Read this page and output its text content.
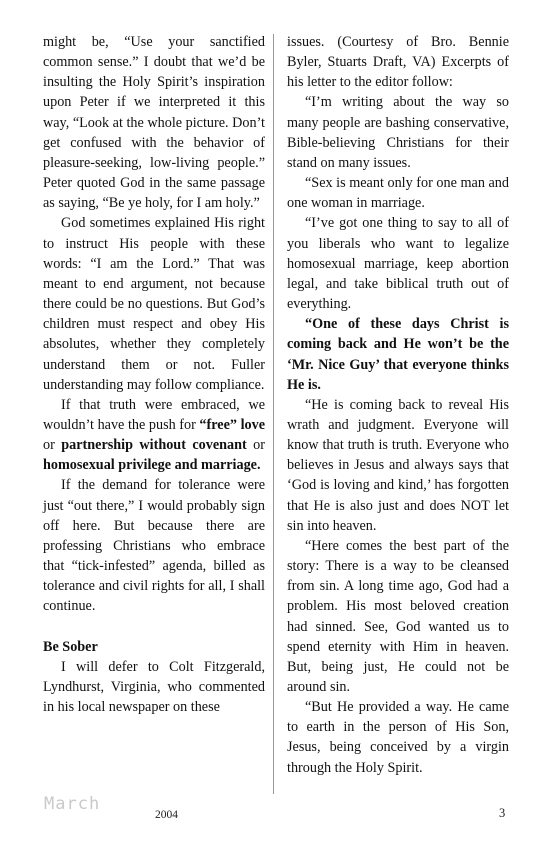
might be, “Use your sanctified common sense.” I doubt that we’d be insulting the Holy Spirit’s inspiration upon Peter if we interpreted it this way, “Look at the whole picture. Don’t get confused with the behavior of pleasure-seeking, low-living people.” Peter quoted God in the same passage as saying, “Be ye holy, for I am holy.”

God sometimes explained His right to instruct His people with these words: “I am the Lord.” That was meant to end argument, not because there could be no questions. But God’s children must respect and obey His absolutes, whether they completely understand them or not. Fuller understanding may follow compliance.

If that truth were embraced, we wouldn’t have the push for “free” love or partnership without covenant or homosexual privilege and marriage.

If the demand for tolerance were just “out there,” I would probably sign off here. But because there are professing Christians who embrace that “tick-infested” agenda, billed as tolerance and civil rights for all, I shall continue.

Be Sober

I will defer to Colt Fitzgerald, Lyndhurst, Virginia, who commented in his local newspaper on these

issues. (Courtesy of Bro. Bennie Byler, Stuarts Draft, VA) Excerpts of his letter to the editor follow:

“I’m writing about the way so many people are bashing conservative, Bible-believing Christians for their stand on many issues.

“Sex is meant only for one man and one woman in marriage.

“I’ve got one thing to say to all of you liberals who want to legalize homosexual marriage, keep abortion legal, and take biblical truth out of everything.

“One of these days Christ is coming back and He won’t be the ‘Mr. Nice Guy’ that everyone thinks He is.

“He is coming back to reveal His wrath and judgment. Everyone will know that truth is truth. Everyone who believes in Jesus and always says that ‘God is loving and kind,’ has forgotten that He is also just and does NOT let sin into heaven.

“Here comes the best part of the story: There is a way to be cleansed from sin. A long time ago, God had a problem. His most beloved creation had sinned. See, God wanted us to spend eternity with Him in heaven. But, being just, He could not be around sin.

“But He provided a way. He came to earth in the person of His Son, Jesus, being conceived by a virgin through the Holy Spirit.

March
2004	3
